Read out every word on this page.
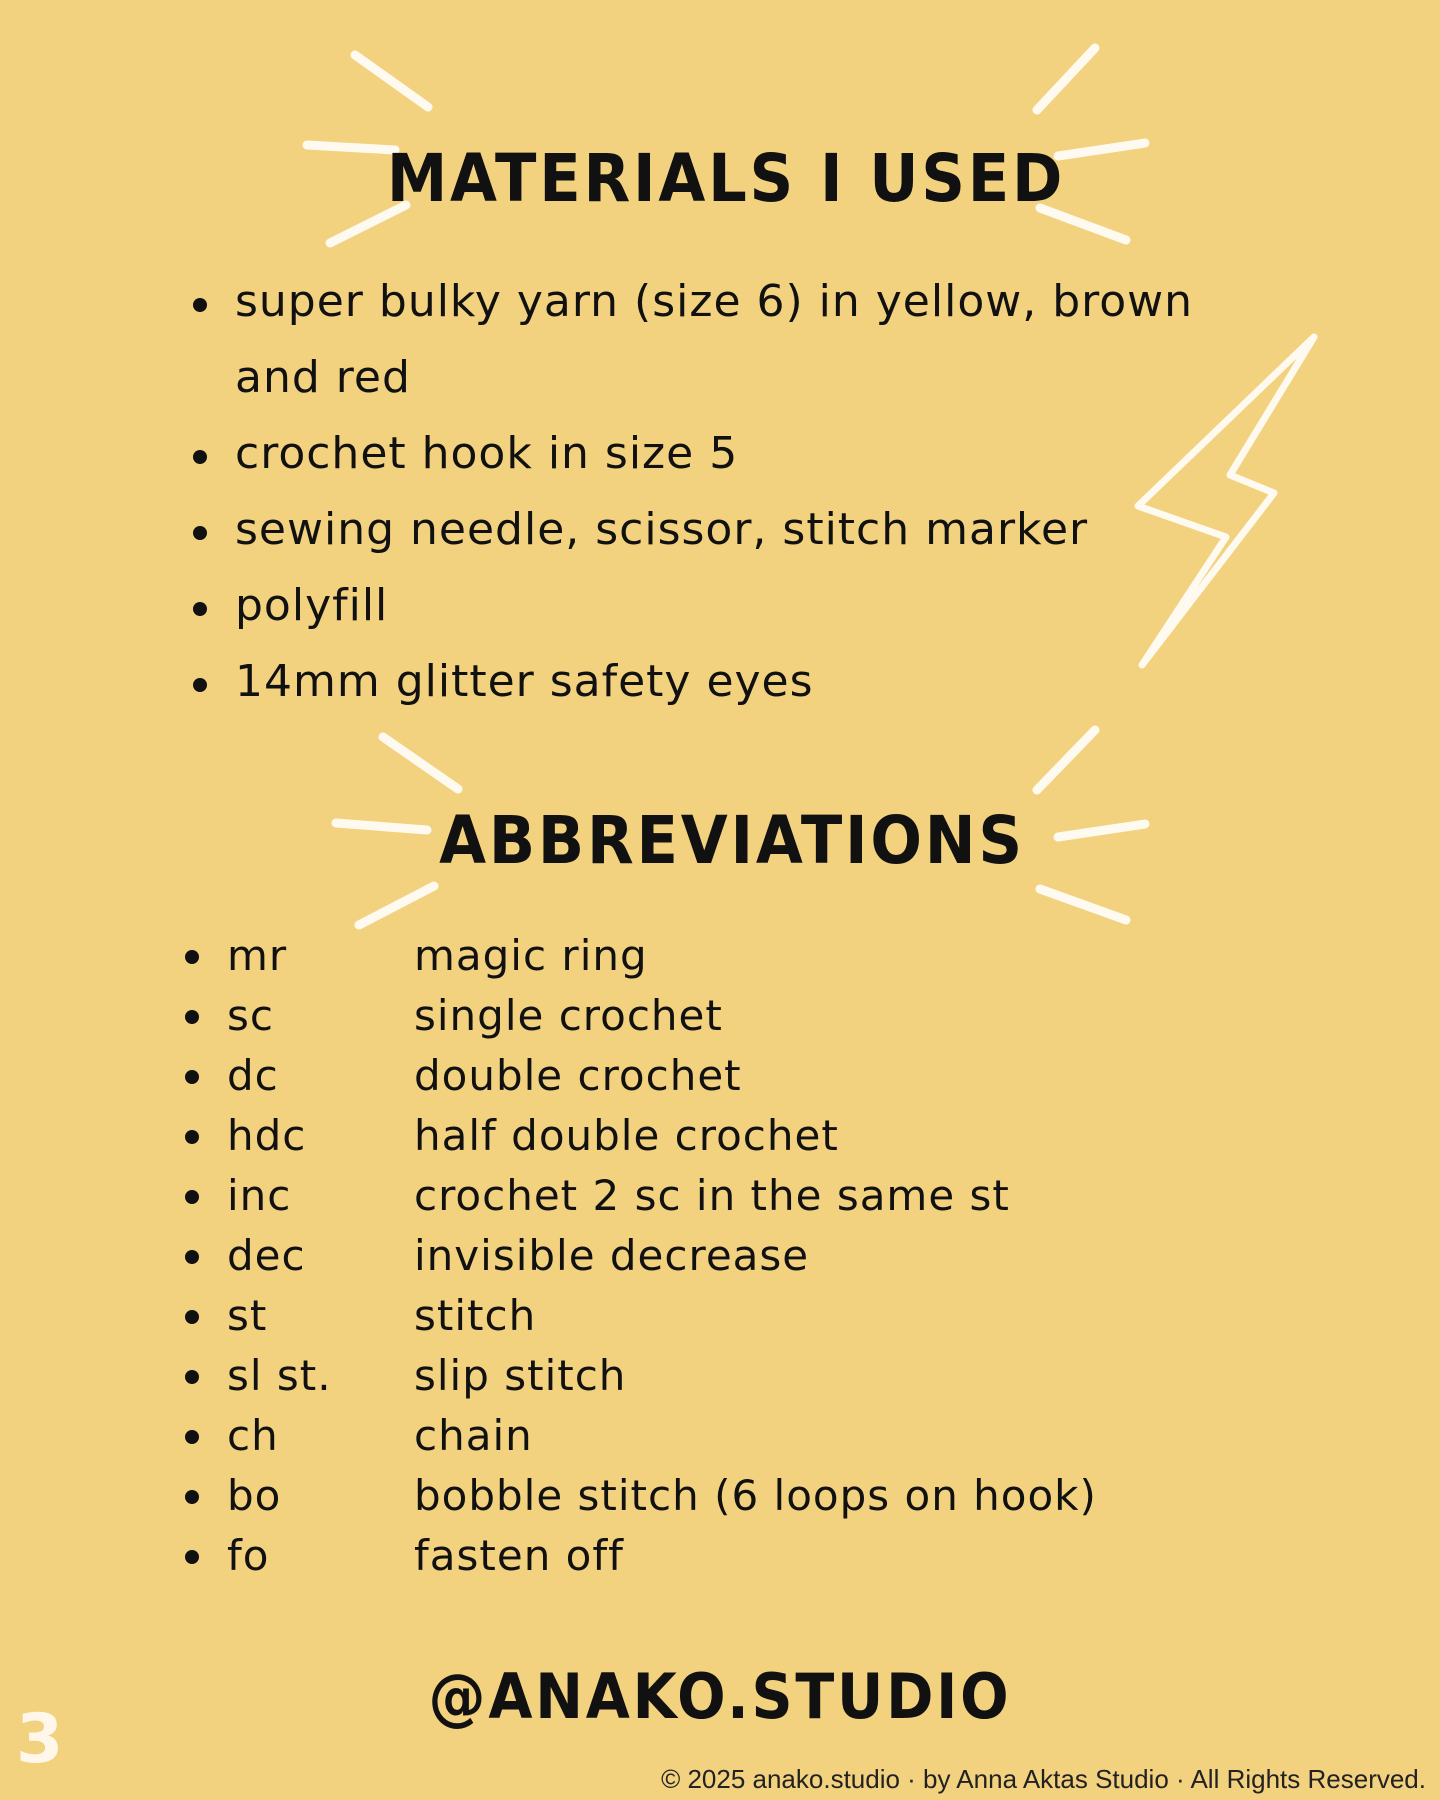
MATERIALS I USED
super bulky yarn (size 6) in yellow, brown and red
crochet hook in size 5
sewing needle, scissor, stitch marker
polyfill
14mm glitter safety eyes
ABBREVIATIONS
mr	magic ring
sc	single crochet
dc	double crochet
hdc	half double crochet
inc	crochet 2 sc in the same st
dec	invisible decrease
st	stitch
sl st.	slip stitch
ch	chain
bo	bobble stitch (6 loops on hook)
fo	fasten off
@ANAKO.STUDIO
3	© 2025 anako.studio · by Anna Aktas Studio · All Rights Reserved.
